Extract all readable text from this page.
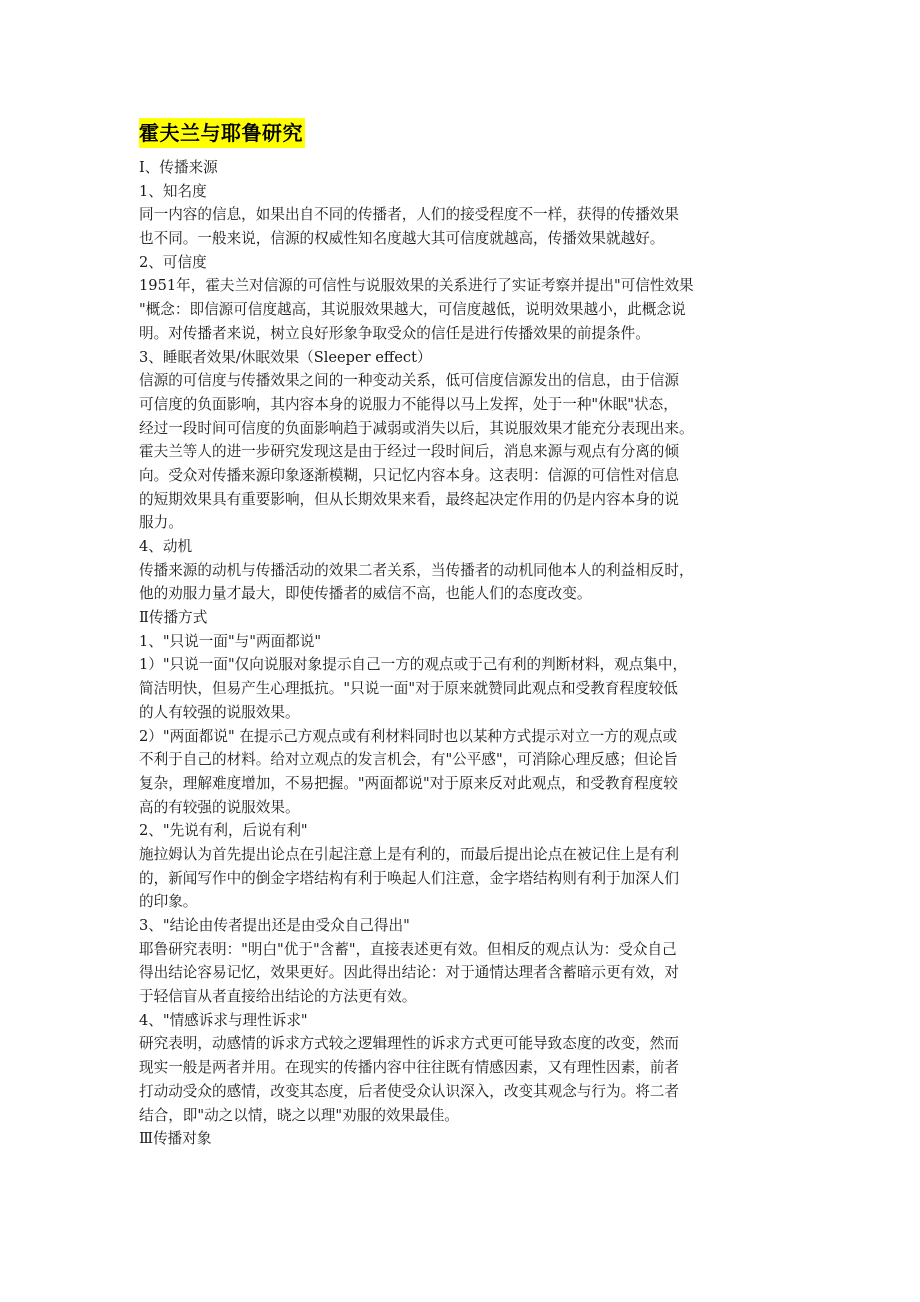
霍夫兰与耶鲁研究
Ⅰ、传播来源
1、知名度
同一内容的信息，如果出自不同的传播者，人们的接受程度不一样，获得的传播效果
也不同。一般来说，信源的权威性知名度越大其可信度就越高，传播效果就越好。
2、可信度
1951年，霍夫兰对信源的可信性与说服效果的关系进行了实证考察并提出"可信性效果
"概念：即信源可信度越高，其说服效果越大，可信度越低，说明效果越小，此概念说
明。对传播者来说，树立良好形象争取受众的信任是进行传播效果的前提条件。
3、睡眠者效果/休眠效果（Sleeper effect）
信源的可信度与传播效果之间的一种变动关系，低可信度信源发出的信息，由于信源
可信度的负面影响，其内容本身的说服力不能得以马上发挥，处于一种"休眠"状态，
经过一段时间可信度的负面影响趋于减弱或消失以后，其说服效果才能充分表现出来。
霍夫兰等人的进一步研究发现这是由于经过一段时间后，消息来源与观点有分离的倾
向。受众对传播来源印象逐渐模糊，只记忆内容本身。这表明：信源的可信性对信息
的短期效果具有重要影响，但从长期效果来看，最终起决定作用的仍是内容本身的说
服力。
4、动机
传播来源的动机与传播活动的效果二者关系，当传播者的动机同他本人的利益相反时，
他的劝服力量才最大，即使传播者的威信不高，也能人们的态度改变。
Ⅱ传播方式
1、"只说一面"与"两面都说"
1）"只说一面"仅向说服对象提示自己一方的观点或于己有利的判断材料，观点集中，
简洁明快，但易产生心理抵抗。"只说一面"对于原来就赞同此观点和受教育程度较低
的人有较强的说服效果。
2）"两面都说" 在提示己方观点或有利材料同时也以某种方式提示对立一方的观点或
不利于自己的材料。给对立观点的发言机会，有"公平感"，可消除心理反感；但论旨
复杂，理解难度增加，不易把握。"两面都说"对于原来反对此观点，和受教育程度较
高的有较强的说服效果。
2、"先说有利，后说有利"
施拉姆认为首先提出论点在引起注意上是有利的，而最后提出论点在被记住上是有利
的，新闻写作中的倒金字塔结构有利于唤起人们注意，金字塔结构则有利于加深人们
的印象。
3、"结论由传者提出还是由受众自己得出"
耶鲁研究表明："明白"优于"含蓄"，直接表述更有效。但相反的观点认为：受众自己
得出结论容易记忆，效果更好。因此得出结论：对于通情达理者含蓄暗示更有效，对
于轻信盲从者直接给出结论的方法更有效。
4、"情感诉求与理性诉求"
研究表明，动感情的诉求方式较之逻辑理性的诉求方式更可能导致态度的改变，然而
现实一般是两者并用。在现实的传播内容中往往既有情感因素，又有理性因素，前者
打动动受众的感情，改变其态度，后者使受众认识深入，改变其观念与行为。将二者
结合，即"动之以情，晓之以理"劝服的效果最佳。
Ⅲ传播对象
